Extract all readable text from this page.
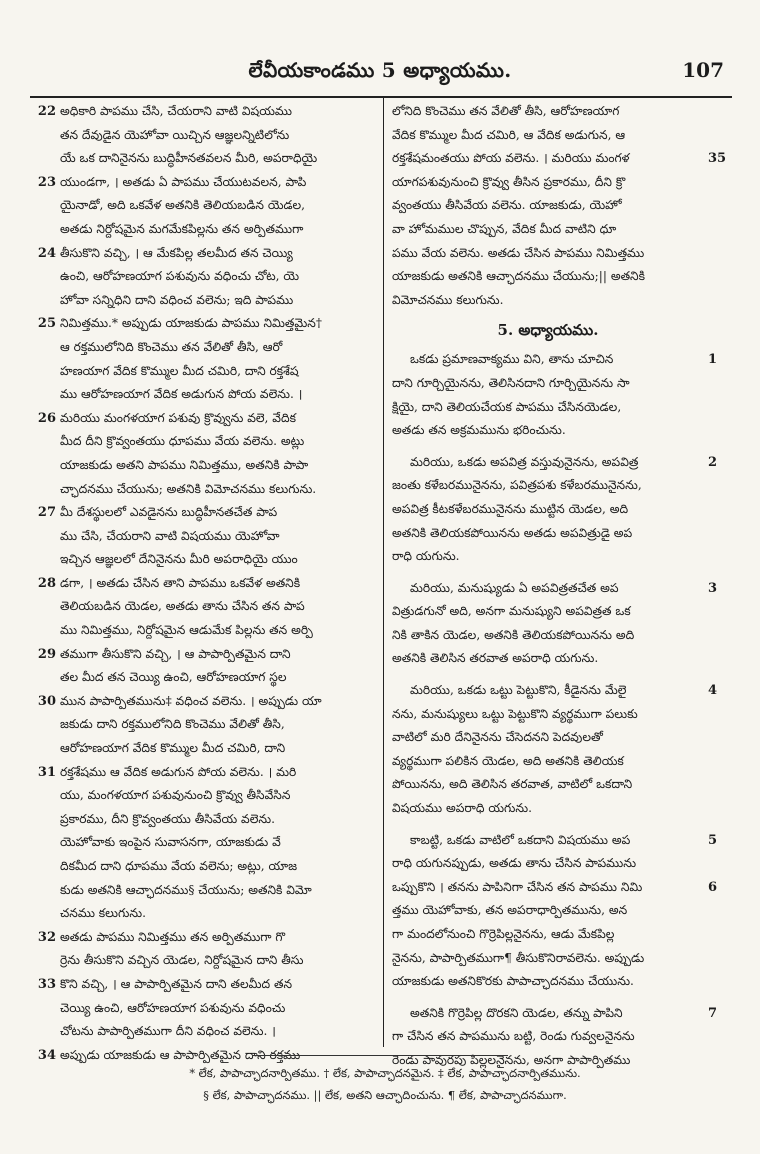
లేవీయకాండము 5 అధ్యాయము.	107
అధికారి పాపము చేసి, చేయరాని వాటి విషయము
22
తన దేవుడైన యెహోవా యిచ్చిన ఆజ్ఞలన్నిటిలోను
యే ఒక దానినైనను బుద్ధిహీనతవలన మీరి, అపరాధియై
యుండగా, । అతడు ఏ పాపము చేయుటవలన, పాపి
23
యైనాడో, అది ఒకవేళ అతనికి తెలియబడిన యెడల,
అతడు నిర్దోషమైన మగమేకపిల్లను తన అర్పితముగా
తీసుకొని వచ్చి, । ఆ మేకపిల్ల తలమీద తన చెయ్యి
24
ఉంచి, ఆరోహణయాగ పశువును వధించు చోట, యె
హోవా సన్నిధిని దాని వధించ వలెను; ఇది పాపము
నిమిత్తము.* అప్పుడు యాజకుడు పాపము నిమిత్తమైన†
25
ఆ రక్తములోనిది కొంచెము తన వేలితో తీసి, ఆరో
హణయాగ వేదిక కొమ్ముల మీద చమిరి, దాని రక్తశేష
ము ఆరోహణయాగ వేదిక అడుగున పోయ వలెను. ।
మరియు మంగళయాగ పశువు క్రొవ్వును వలె, వేదిక
26
మీద దీని క్రొవ్వంతయు ధూపము వేయ వలెను. అట్లు
యాజకుడు అతని పాపము నిమిత్తము, అతనికి పాపా
చ్ఛాదనము చేయును; అతనికి విమోచనము కలుగును.
మీ దేశస్థులలో ఎవడైనను బుద్ధిహీనతచేత పాప
27
ము చేసి, చేయరాని వాటి విషయము యెహోవా
ఇచ్చిన ఆజ్ఞలలో దేనినైనను మీరి అపరాధియై యుం
డగా, । అతడు చేసిన తాని పాపము ఒకవేళ అతనికి
28
తెలియబడిన యెడల, అతడు తాను చేసిన తన పాప
ము నిమిత్తము, నిర్దోషమైన ఆడుమేక పిల్లను తన అర్పి
తముగా తీసుకొని వచ్చి, । ఆ పాపార్పితమైన దాని
29
తల మీద తన చెయ్యి ఉంచి, ఆరోహణయాగ స్థల
మున పాపార్పితమును‡ వధించ వలెను. । అప్పుడు యా
30
జకుడు దాని రక్తములోనిది కొంచెము వేలితో తీసి,
ఆరోహణయాగ వేదిక కొమ్ముల మీద చమిరి, దాని
రక్తశేషము ఆ వేదిక అడుగున పోయ వలెను. । మరి
31
యు, మంగళయాగ పశువునుంచి క్రొవ్వు తీసివేసిన
ప్రకారము, దీని క్రొవ్వంతయు తీసివేయ వలెను.
యెహోవాకు ఇంపైన సువాసనగా, యాజకుడు వే
దికమీద దాని ధూపము వేయ వలెను; అట్లు, యాజ
కుడు అతనికి ఆచ్ఛాదనము§ చేయును; అతనికి విమో
చనము కలుగును.
అతడు పాపము నిమిత్తము తన అర్పితముగా గొ
32
ర్రెను తీసుకొని వచ్చిన యెడల, నిర్దోషమైన దాని తీసు
కొని వచ్చి, । ఆ పాపార్పితమైన దాని తలమీద తన
33
చెయ్యి ఉంచి, ఆరోహణయాగ పశువును వధించు
చోటను పాపార్పితముగా దీని వధించ వలెను. ।
అప్పుడు యాజకుడు ఆ పాపార్పితమైన దాని రక్తము
34
లోనిది కొంచెము తన వేలితో తీసి, ఆరోహణయాగ
వేదిక కొమ్ముల మీద చమిరి, ఆ వేదిక అడుగున, ఆ
రక్తశేషమంతయు పోయ వలెను. । మరియు మంగళ	35
యాగపశువునుంచి క్రొవ్వు తీసిన ప్రకారము, దీని క్రొ
వ్వంతయు తీసివేయ వలెను. యాజకుడు, యెహో
వా హోమముల చొప్పున, వేదిక మీద వాటిని ధూ
పము వేయ వలెను. అతడు చేసిన పాపము నిమిత్తము
యాజకుడు అతనికి ఆచ్ఛాదనము చేయును;|| అతనికి
విమోచనము కలుగును.
5. అధ్యాయము.
ఒకడు ప్రమాణవాక్యము విని, తాను చూచిన	1
దాని గూర్చియైనను, తెలిసినదాని గూర్చియైనను సా
క్షియై, దాని తెలియచేయక పాపము చేసినయెడల,
అతడు తన అక్రమమును భరించును.
మరియు, ఒకడు అపవిత్ర వస్తువునైనను, అపవిత్ర	2
జంతు కళేబరమునైనను, పవిత్రపశు కళేబరమునైనను,
అపవిత్ర కీటకళేబరమునైనను ముట్టిన యెడల, అది
అతనికి తెలియకపోయినను అతడు అపవిత్రుడై అప
రాధి యగును.
మరియు, మనుష్యుడు ఏ అపవిత్రతచేత అప	3
విత్రుడగునో అది, అనగా మనుష్యుని అపవిత్రత ఒక
నికి తాకిన యెడల, అతనికి తెలియకపోయినను అది
అతనికి తెలిసిన తరవాత అపరాధి యగును.
మరియు, ఒకడు ఒట్టు పెట్టుకొని, కీడైనను మేలై	4
నను, మనుష్యులు ఒట్టు పెట్టుకొని వ్యర్థముగా పలుకు
వాటిలో మరి దేనినైనను చేసెదనని పెదవులతో
వ్యర్థముగా పలికిన యెడల, అది అతనికి తెలియక
పోయినను, అది తెలిసిన తరవాత, వాటిలో ఒకదాని
విషయము అపరాధి యగును.
కాబట్టి, ఒకడు వాటిలో ఒకదాని విషయము అప	5
రాధి యగునప్పుడు, అతడు తాను చేసిన పాపమును
ఒప్పుకొని । తనను పాపినిగా చేసిన తన పాపము నిమి	6
త్తము యెహోవాకు, తన అపరాధార్పితమును, అన
గా మందలోనుంచి గొర్రెపిల్లనైనను, ఆడు మేకపిల్ల
నైనను, పాపార్పితముగా¶ తీసుకొనిరావలెను. అప్పుడు
యాజకుడు అతనికొరకు పాపాచ్ఛాదనము చేయును.
అతనికి గొర్రెపిల్ల దొరకని యెడల, తన్ను పాపిని	7
గా చేసిన తన పాపమును బట్టి, రెండు గువ్వలనైనను
రెండు పావురపు పిల్లలనైనను, అనగా పాపార్పితము
* లేక, పాపాచ్ఛాదనార్పితము. † లేక, పాపాచ్ఛాదనమైన. ‡ లేక, పాపాచ్ఛాదనార్పితమును.
§ లేక, పాపాచ్ఛాదనము. || లేక, అతని ఆచ్ఛాదించును. ¶ లేక, పాపాచ్ఛాదనముగా.
